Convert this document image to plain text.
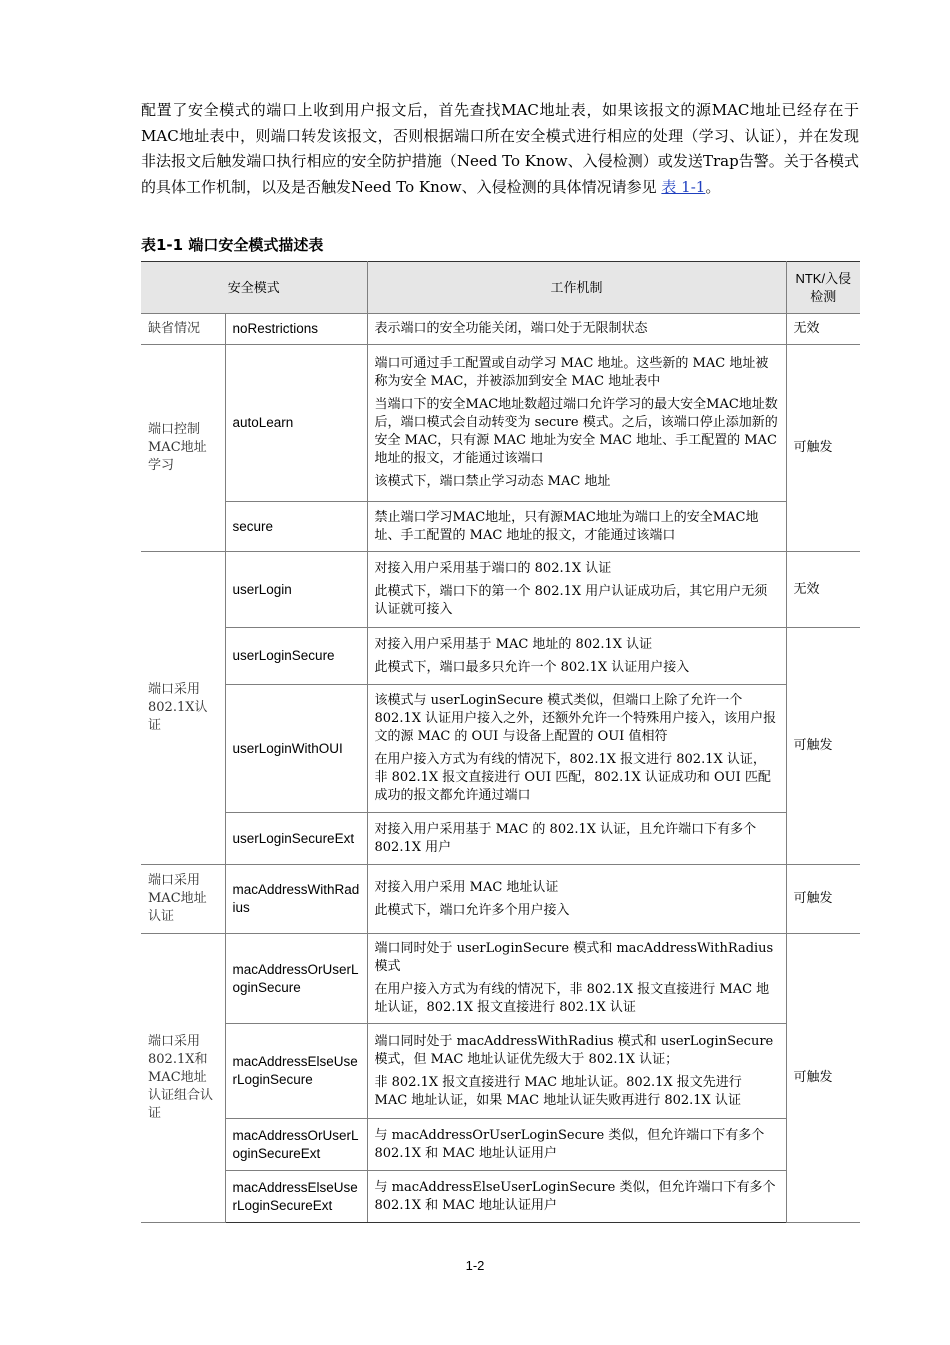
配置了安全模式的端口上收到用户报文后，首先查找MAC地址表，如果该报文的源MAC地址已经存在于MAC地址表中，则端口转发该报文，否则根据端口所在安全模式进行相应的处理（学习、认证），并在发现非法报文后触发端口执行相应的安全防护措施（Need To Know、入侵检测）或发送Trap告警。关于各模式的具体工作机制，以及是否触发Need To Know、入侵检测的具体情况请参见 表 1-1。

表1-1 端口安全模式描述表

安全模式		工作机制	NTK/入侵检测
缺省情况	noRestrictions	表示端口的安全功能关闭，端口处于无限制状态	无效
端口控制MAC地址学习	autoLearn	端口可通过手工配置或自动学习 MAC 地址。这些新的 MAC 地址被称为安全 MAC，并被添加到安全 MAC 地址表中

当端口下的安全MAC地址数超过端口允许学习的最大安全MAC地址数后，端口模式会自动转变为 secure 模式。之后，该端口停止添加新的安全 MAC，只有源 MAC 地址为安全 MAC 地址、手工配置的 MAC 地址的报文，才能通过该端口

该模式下，端口禁止学习动态 MAC 地址	可触发
	secure	禁止端口学习MAC地址，只有源MAC地址为端口上的安全MAC地址、手工配置的 MAC 地址的报文，才能通过该端口	

端口采用802.1X认证	userLogin	对接入用户采用基于端口的 802.1X 认证

此模式下，端口下的第一个 802.1X 用户认证成功后，其它用户无须认证就可接入	无效
	userLoginSecure	对接入用户采用基于 MAC 地址的 802.1X 认证

此模式下，端口最多只允许一个 802.1X 认证用户接入	可触发
	userLoginWithOUI	该模式与 userLoginSecure 模式类似，但端口上除了允许一个 802.1X 认证用户接入之外，还额外允许一个特殊用户接入，该用户报文的源 MAC 的 OUI 与设备上配置的 OUI 值相符

在用户接入方式为有线的情况下，802.1X 报文进行 802.1X 认证，非 802.1X 报文直接进行 OUI 匹配，802.1X 认证成功和 OUI 匹配成功的报文都允许通过端口	

	userLoginSecureExt	对接入用户采用基于 MAC 的 802.1X 认证，且允许端口下有多个 802.1X 用户	

端口采用MAC地址认证	macAddressWithRadius	对接入用户采用 MAC 地址认证

此模式下，端口允许多个用户接入	可触发
端口采用802.1X和MAC地址认证组合认证	macAddressOrUserLoginSecure	端口同时处于 userLoginSecure 模式和 macAddressWithRadius 模式

在用户接入方式为有线的情况下，非 802.1X 报文直接进行 MAC 地址认证，802.1X 报文直接进行 802.1X 认证	可触发
	macAddressElseUserLoginSecure	端口同时处于 macAddressWithRadius 模式和 userLoginSecure 模式，但 MAC 地址认证优先级大于 802.1X 认证；

非 802.1X 报文直接进行 MAC 地址认证。802.1X 报文先进行 MAC 地址认证，如果 MAC 地址认证失败再进行 802.1X 认证	

	macAddressOrUserLoginSecureExt	与 macAddressOrUserLoginSecure 类似，但允许端口下有多个 802.1X 和 MAC 地址认证用户	

	macAddressElseUserLoginSecureExt	与 macAddressElseUserLoginSecure 类似，但允许端口下有多个 802.1X 和 MAC 地址认证用户	

1-2
